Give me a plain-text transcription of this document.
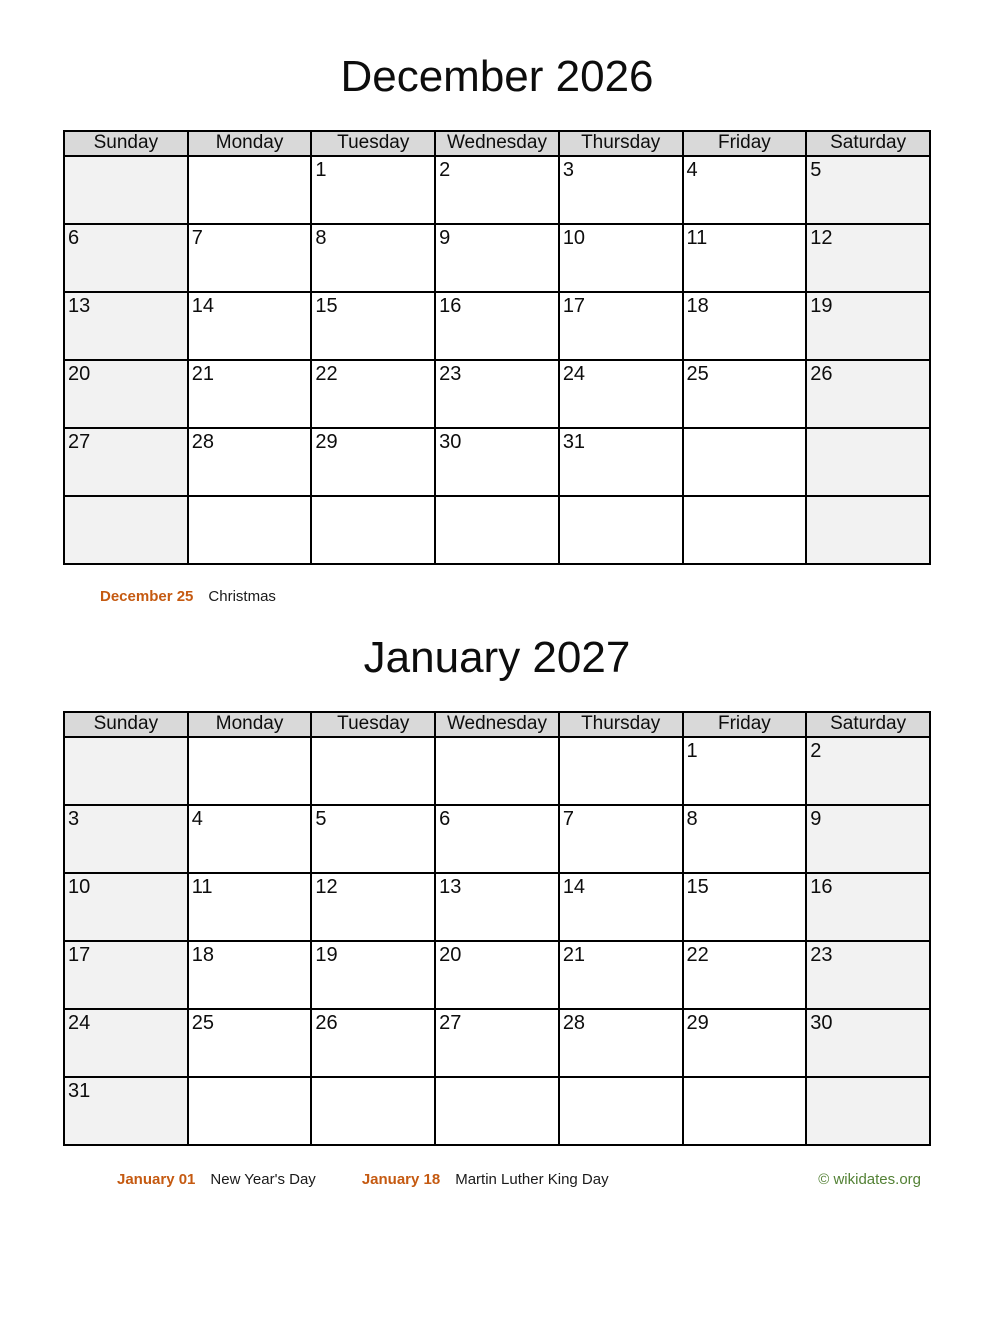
December 2026
Sunday	Monday	Tuesday	Wednesday	Thursday	Friday	Saturday
		1	2	3	4	5
6	7	8	9	10	11	12
13	14	15	16	17	18	19
20	21	22	23	24	25	26
27	28	29	30	31		

December 25 Christmas
January 2027
Sunday	Monday	Tuesday	Wednesday	Thursday	Friday	Saturday
					1	2
3	4	5	6	7	8	9
10	11	12	13	14	15	16
17	18	19	20	21	22	23
24	25	26	27	28	29	30
31						
January 01 New Year's Day	January 18 Martin Luther King Day	© wikidates.org
